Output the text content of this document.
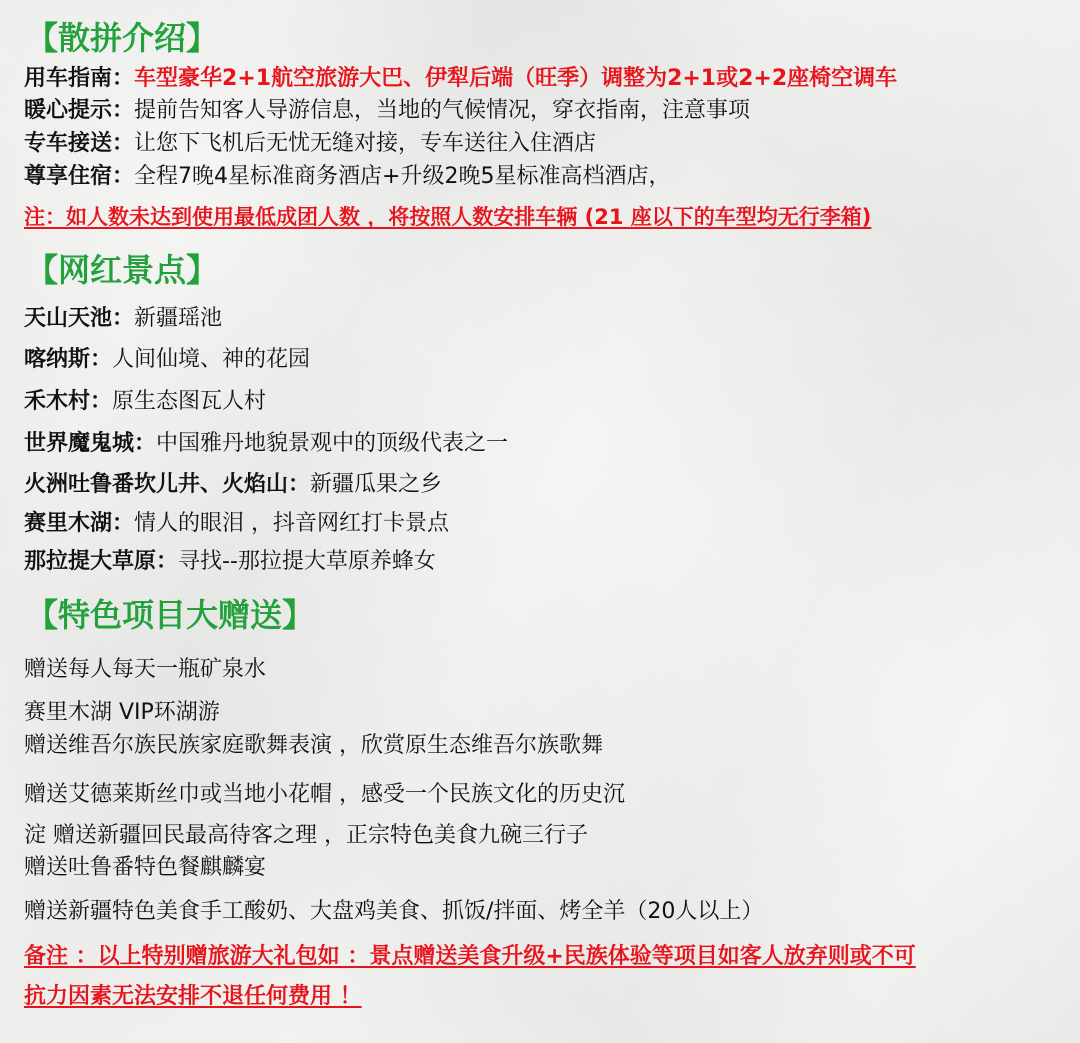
【散拼介绍】
用车指南：车型豪华2+1航空旅游大巴、伊犁后端（旺季）调整为2+1或2+2座椅空调车
暖心提示：提前告知客人导游信息，当地的气候情况，穿衣指南，注意事项
专车接送：让您下飞机后无忧无缝对接，专车送往入住酒店
尊享住宿：全程7晚4星标准商务酒店+升级2晚5星标准高档酒店，
注：如人数未达到使用最低成团人数 ，将按照人数安排车辆 (21 座以下的车型均无行李箱)
【网红景点】
天山天池：新疆瑶池
喀纳斯：人间仙境、神的花园
禾木村：原生态图瓦人村
世界魔鬼城：中国雅丹地貌景观中的顶级代表之一
火洲吐鲁番坎儿井、火焰山：新疆瓜果之乡
赛里木湖：情人的眼泪 ，抖音网红打卡景点
那拉提大草原：寻找--那拉提大草原养蜂女
【特色项目大赠送】
赠送每人每天一瓶矿泉水
赛里木湖 VIP环湖游
赠送维吾尔族民族家庭歌舞表演 ，欣赏原生态维吾尔族歌舞
赠送艾德莱斯丝巾或当地小花帽 ，感受一个民族文化的历史沉
淀 赠送新疆回民最高待客之理 ，正宗特色美食九碗三行子
赠送吐鲁番特色餐麒麟宴
赠送新疆特色美食手工酸奶、大盘鸡美食、抓饭/拌面、烤全羊（20人以上）
备注 ：以上特别赠旅游大礼包如 ：景点赠送美食升级+民族体验等项目如客人放弃则或不可
抗力因素无法安排不退任何费用 ！
